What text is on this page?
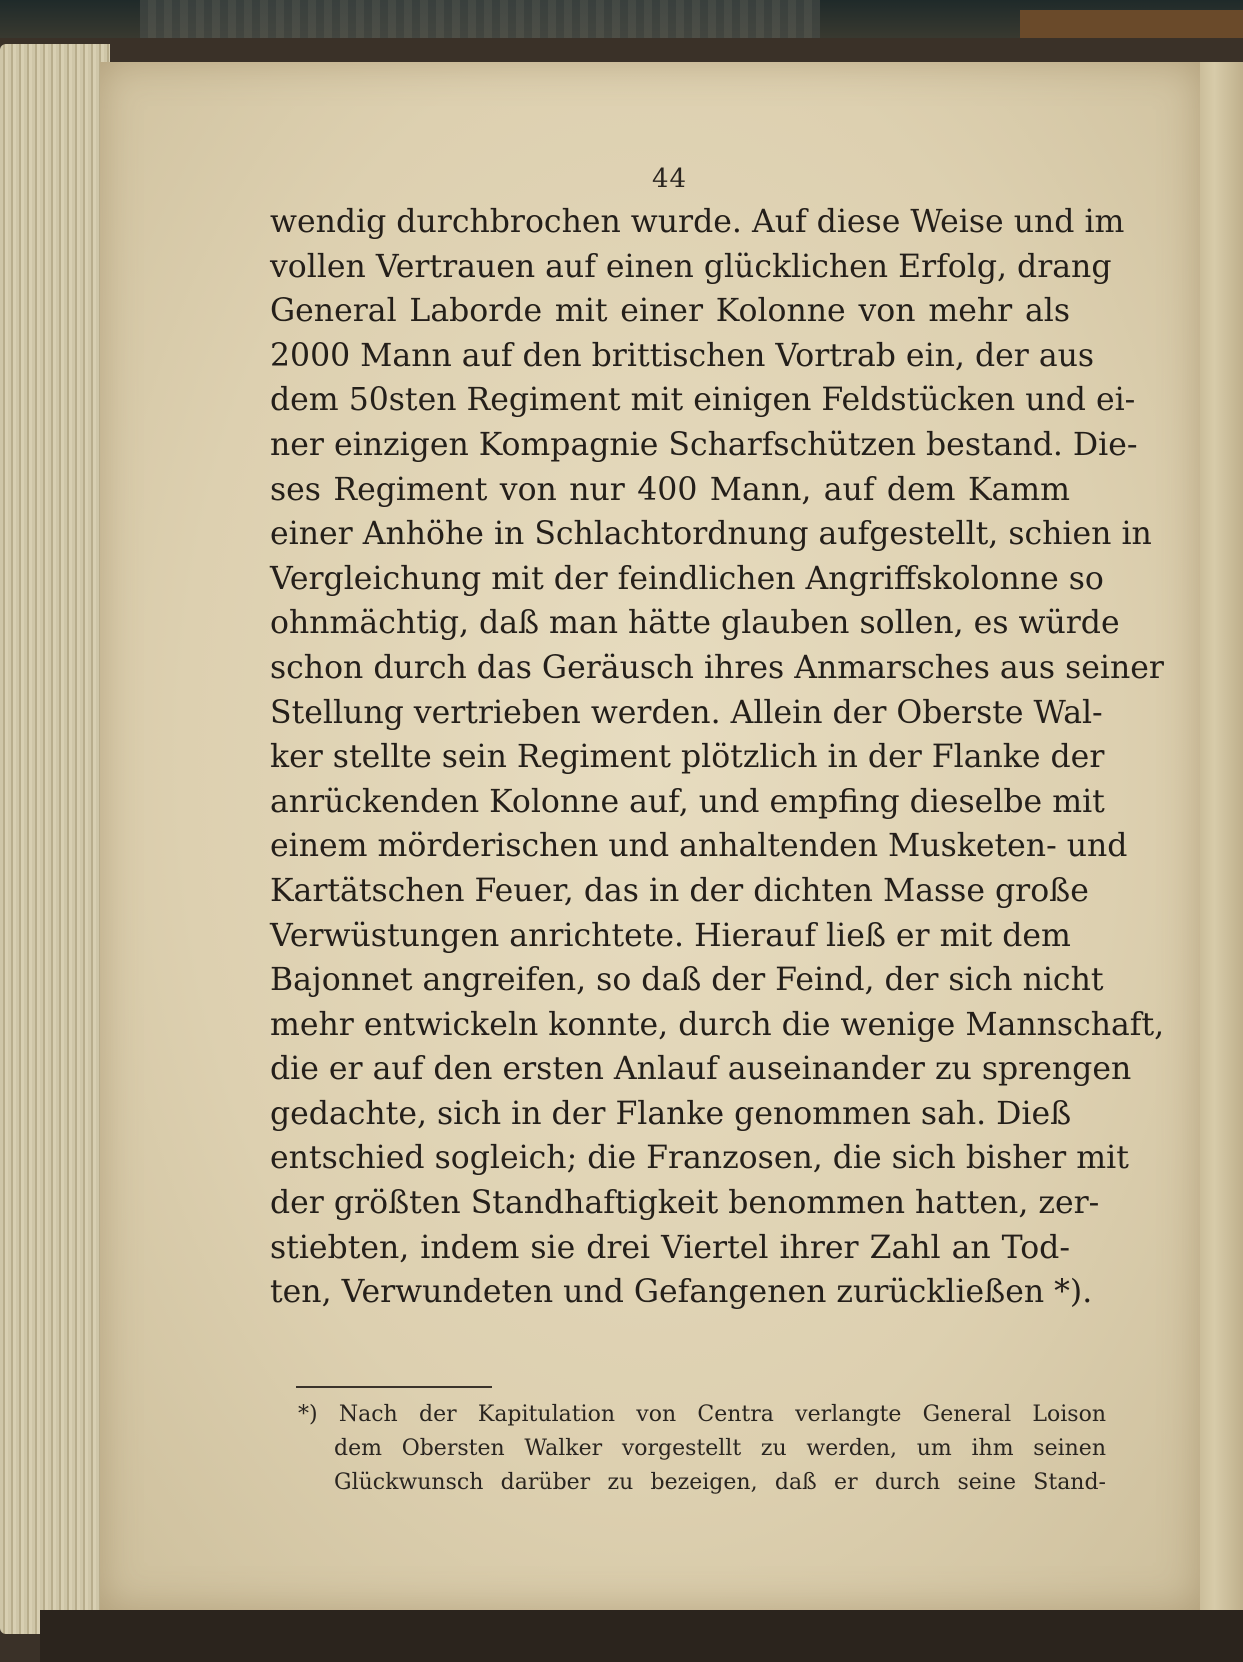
44
wendig durchbrochen wurde. Auf diese Weise und im
vollen Vertrauen auf einen glücklichen Erfolg, drang
General Laborde mit einer Kolonne von mehr als
2000 Mann auf den brittischen Vortrab ein, der aus
dem 50sten Regiment mit einigen Feldstücken und ei-
ner einzigen Kompagnie Scharfschützen bestand. Die-
ses Regiment von nur 400 Mann, auf dem Kamm
einer Anhöhe in Schlachtordnung aufgestellt, schien in
Vergleichung mit der feindlichen Angriffskolonne so
ohnmächtig, daß man hätte glauben sollen, es würde
schon durch das Geräusch ihres Anmarsches aus seiner
Stellung vertrieben werden. Allein der Oberste Wal-
ker stellte sein Regiment plötzlich in der Flanke der
anrückenden Kolonne auf, und empfing dieselbe mit
einem mörderischen und anhaltenden Musketen- und
Kartätschen Feuer, das in der dichten Masse große
Verwüstungen anrichtete. Hierauf ließ er mit dem
Bajonnet angreifen, so daß der Feind, der sich nicht
mehr entwickeln konnte, durch die wenige Mannschaft,
die er auf den ersten Anlauf auseinander zu sprengen
gedachte, sich in der Flanke genommen sah. Dieß
entschied sogleich; die Franzosen, die sich bisher mit
der größten Standhaftigkeit benommen hatten, zer-
stiebten, indem sie drei Viertel ihrer Zahl an Tod-
ten, Verwundeten und Gefangenen zurückließen *).
*) Nach der Kapitulation von Centra verlangte General Loison
dem Obersten Walker vorgestellt zu werden, um ihm seinen
Glückwunsch darüber zu bezeigen, daß er durch seine Stand-
